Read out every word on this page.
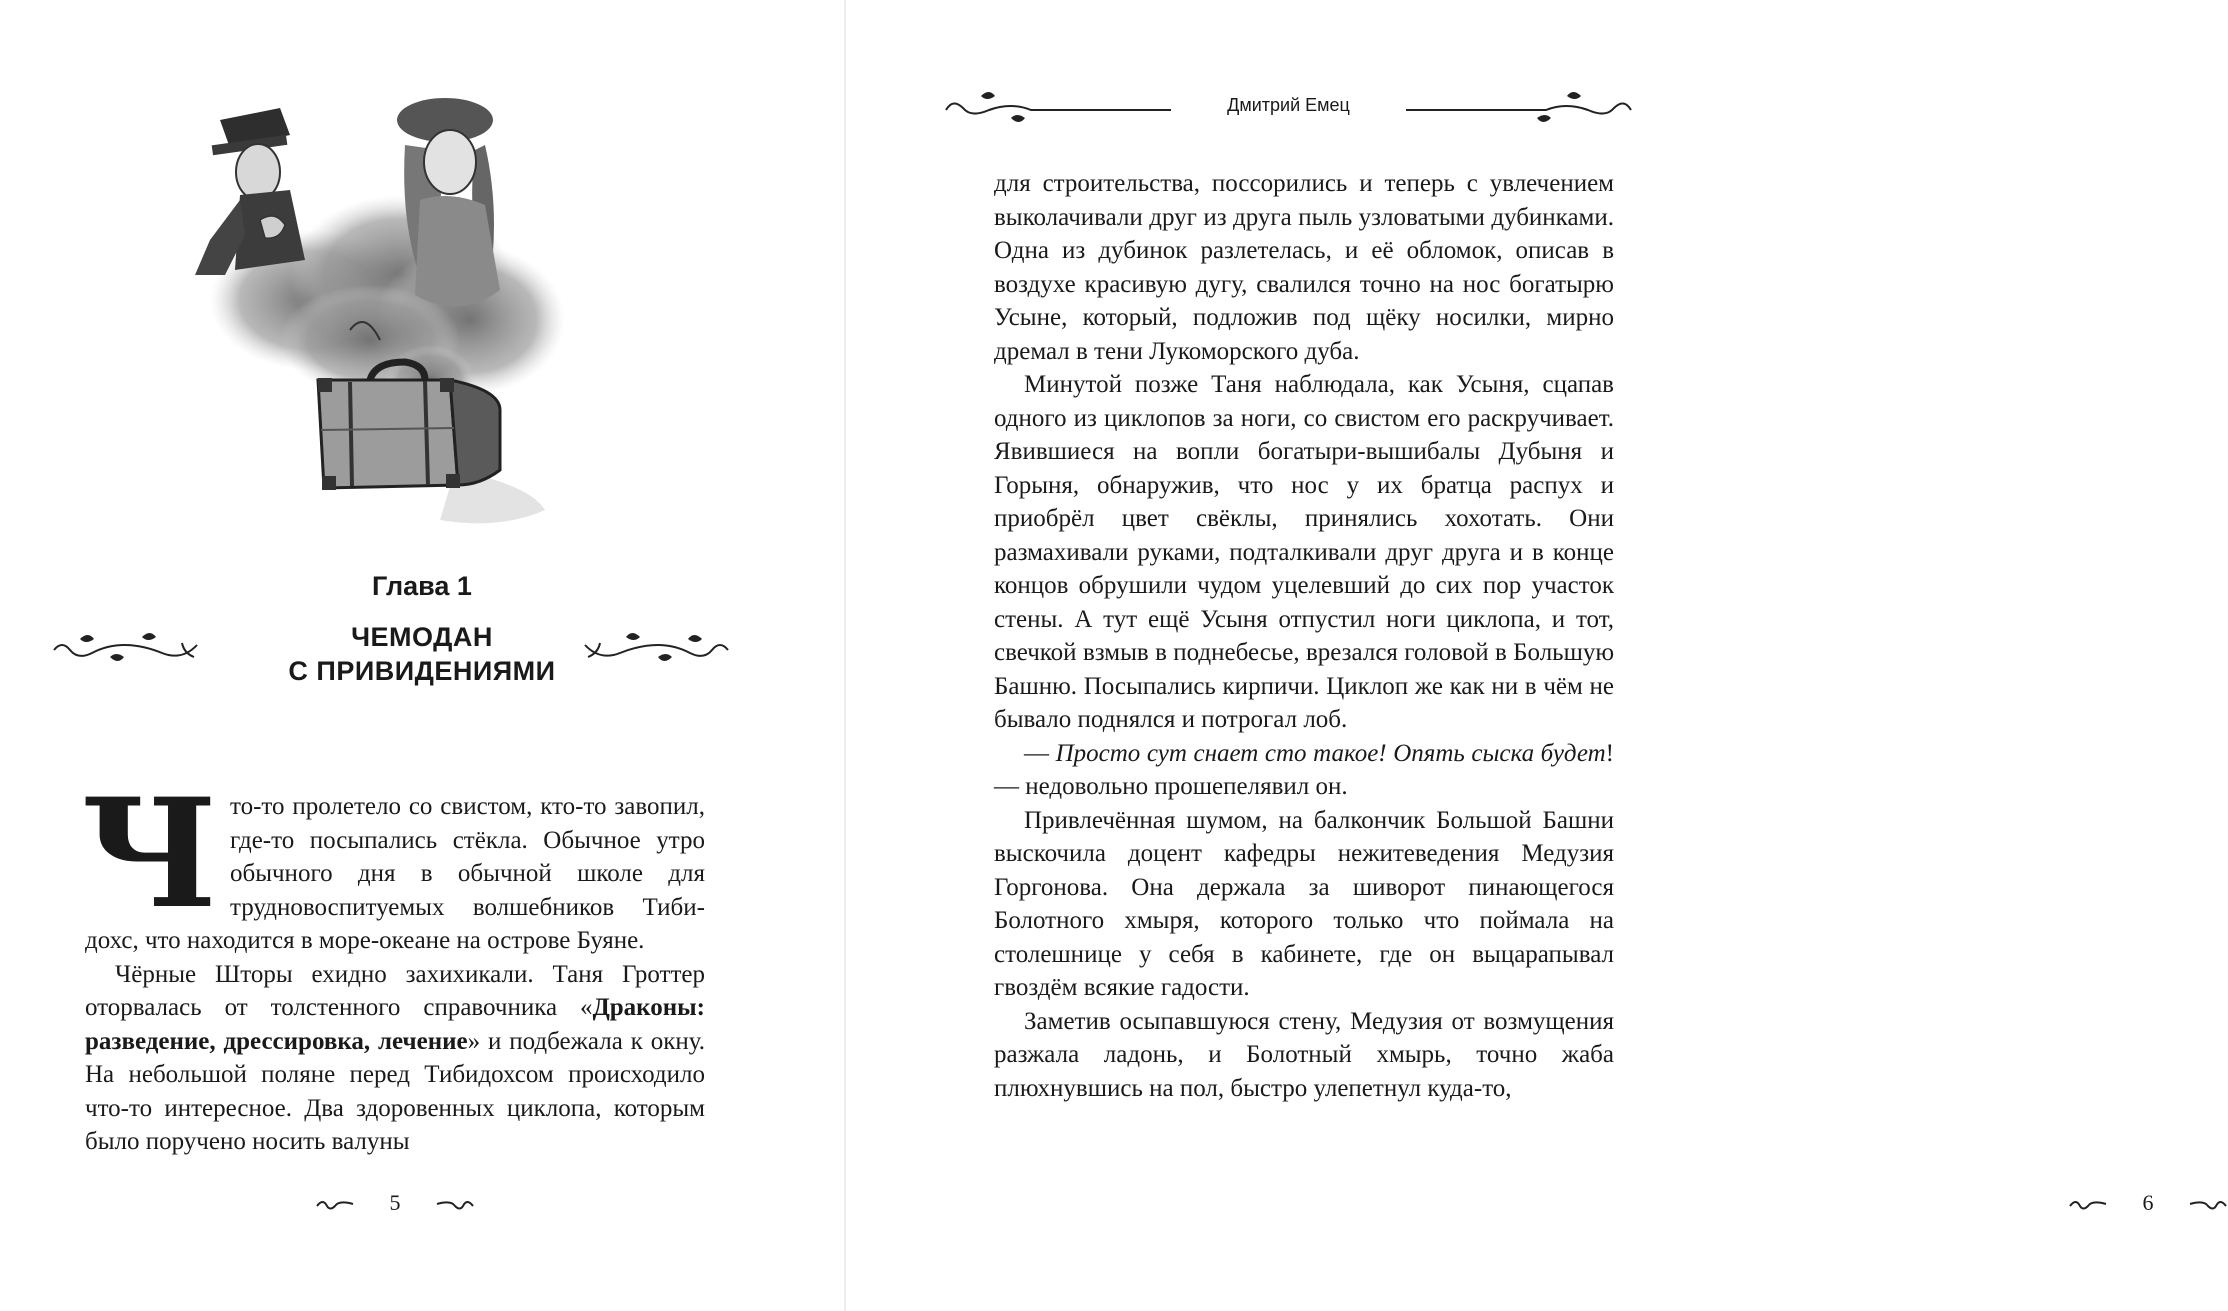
Глава 1
ЧЕМОДАН
С ПРИВИДЕНИЯМИ

Что-то пролетело со свистом, кто-то завопил, где-то посыпались стёкла. Обычное утро обычного дня в обычной школе для трудновоспитуемых волшебников Тибидохс, что находится в море-океане на острове Буяне.

Чёрные Шторы ехидно захихикали. Таня Гроттер оторвалась от толстенного справочника «Драконы: разведение, дрессировка, лечение» и подбежала к окну. На небольшой поляне перед Тибидохсом происходило что-то интересное. Два здоровенных циклопа, которым было поручено носить валуны

5
Дмитрий Емец

для строительства, поссорились и теперь с увлечением выколачивали друг из друга пыль узловатыми дубинками. Одна из дубинок разлетелась, и её обломок, описав в воздухе красивую дугу, свалился точно на нос богатырю Усыне, который, подложив под щёку носилки, мирно дремал в тени Лукоморского дуба.

Минутой позже Таня наблюдала, как Усыня, сцапав одного из циклопов за ноги, со свистом его раскручивает. Явившиеся на вопли богатыри-вышибалы Дубыня и Горыня, обнаружив, что нос у их братца распух и приобрёл цвет свёклы, принялись хохотать. Они размахивали руками, подталкивали друг друга и в конце концов обрушили чудом уцелевший до сих пор участок стены. А тут ещё Усыня отпустил ноги циклопа, и тот, свечкой взмыв в поднебесье, врезался головой в Большую Башню. Посыпались кирпичи. Циклоп же как ни в чём не бывало поднялся и потрогал лоб.

— Просто сут снает сто такое! Опять сыска будет! — недовольно прошепелявил он.

Привлечённая шумом, на балкончик Большой Башни выскочила доцент кафедры нежитеведения Медузия Горгонова. Она держала за шиворот пинающегося Болотного хмыря, которого только что поймала на столешнице у себя в кабинете, где он выцарапывал гвоздём всякие гадости.

Заметив осыпавшуюся стену, Медузия от возмущения разжала ладонь, и Болотный хмырь, точно жаба плюхнувшись на пол, быстро улепетнул куда-то,

6
